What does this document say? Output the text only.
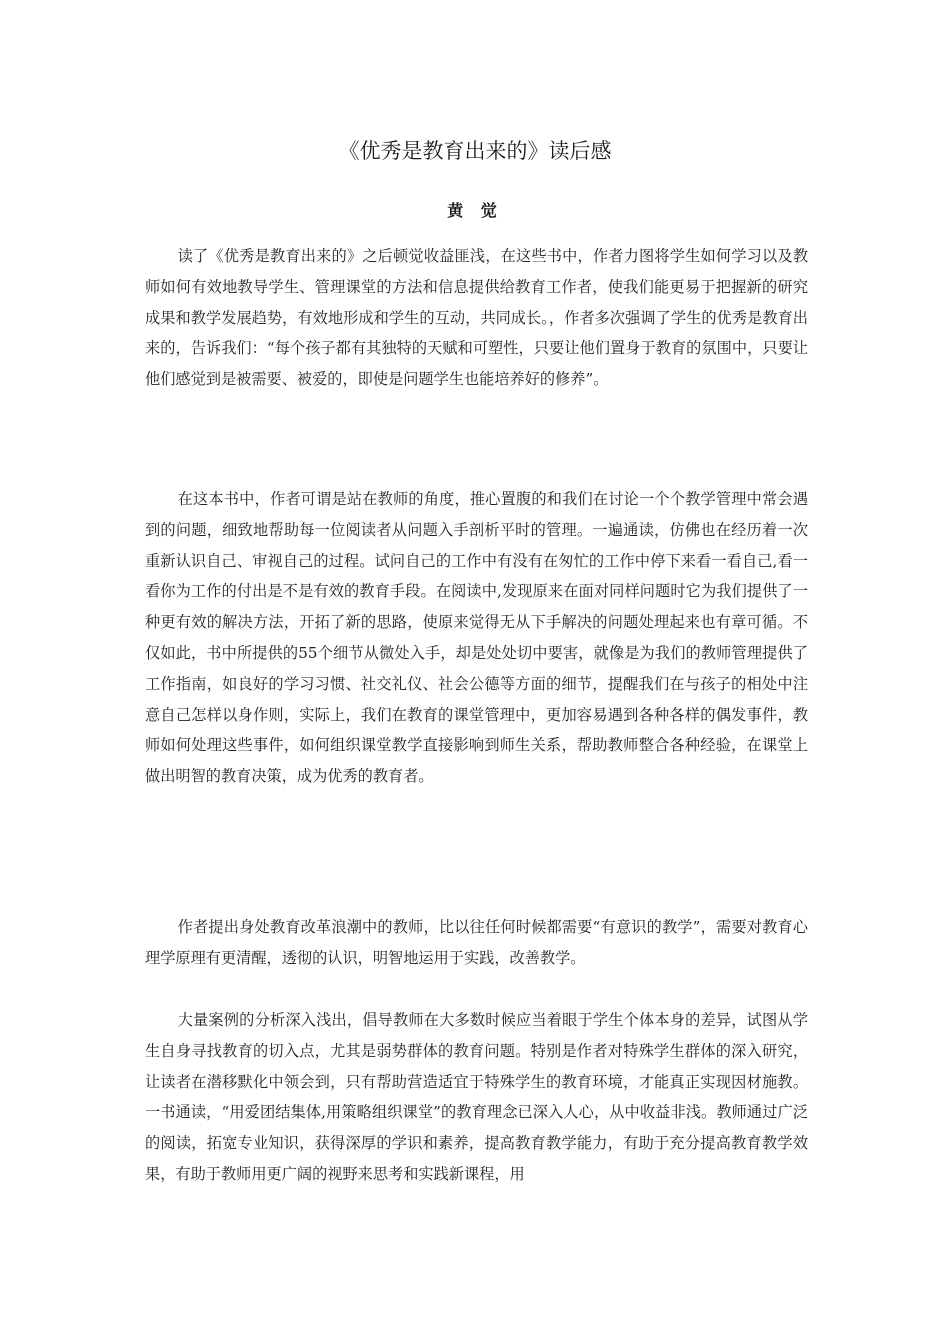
《优秀是教育出来的》读后感
黄 觉

读了《优秀是教育出来的》之后顿觉收益匪浅，在这些书中，作者力图将学生如何学习以及教师如何有效地教导学生、管理课堂的方法和信息提供给教育工作者，使我们能更易于把握新的研究成果和教学发展趋势，有效地形成和学生的互动，共同成长。，作者多次强调了学生的优秀是教育出来的，告诉我们：“每个孩子都有其独特的天赋和可塑性，只要让他们置身于教育的氛围中，只要让他们感觉到是被需要、被爱的，即使是问题学生也能培养好的修养”。

在这本书中，作者可谓是站在教师的角度，推心置腹的和我们在讨论一个个教学管理中常会遇到的问题，细致地帮助每一位阅读者从问题入手剖析平时的管理。一遍通读，仿佛也在经历着一次重新认识自己、审视自己的过程。试问自己的工作中有没有在匆忙的工作中停下来看一看自己,看一看你为工作的付出是不是有效的教育手段。在阅读中,发现原来在面对同样问题时它为我们提供了一种更有效的解决方法，开拓了新的思路，使原来觉得无从下手解决的问题处理起来也有章可循。不仅如此，书中所提供的55个细节从微处入手，却是处处切中要害，就像是为我们的教师管理提供了工作指南，如良好的学习习惯、社交礼仪、社会公德等方面的细节，提醒我们在与孩子的相处中注意自己怎样以身作则，实际上，我们在教育的课堂管理中，更加容易遇到各种各样的偶发事件，教师如何处理这些事件，如何组织课堂教学直接影响到师生关系，帮助教师整合各种经验，在课堂上做出明智的教育决策，成为优秀的教育者。

作者提出身处教育改革浪潮中的教师，比以往任何时候都需要“有意识的教学”，需要对教育心理学原理有更清醒，透彻的认识，明智地运用于实践，改善教学。

大量案例的分析深入浅出，倡导教师在大多数时候应当着眼于学生个体本身的差异，试图从学生自身寻找教育的切入点，尤其是弱势群体的教育问题。特别是作者对特殊学生群体的深入研究，让读者在潜移默化中领会到，只有帮助营造适宜于特殊学生的教育环境，才能真正实现因材施教。一书通读，“用爱团结集体,用策略组织课堂”的教育理念已深入人心，从中收益非浅。教师通过广泛的阅读，拓宽专业知识，获得深厚的学识和素养，提高教育教学能力，有助于充分提高教育教学效果，有助于教师用更广阔的视野来思考和实践新课程，用
